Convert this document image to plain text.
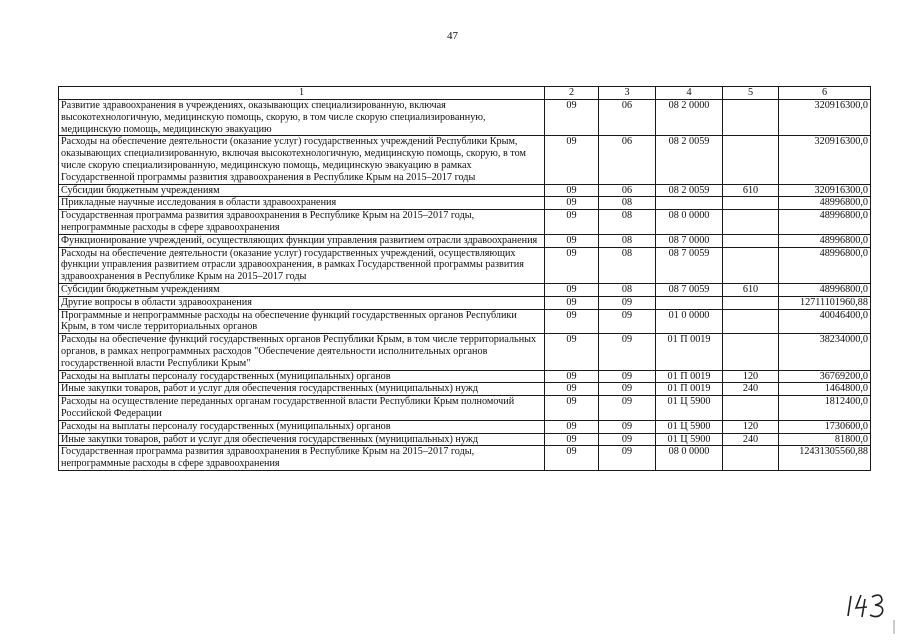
47
1	2	3	4	5	6
Развитие здравоохранения в учреждениях, оказывающих специализированную, включая высокотехнологичную, медицинскую помощь, скорую, в том числе скорую специализированную, медицинскую помощь, медицинскую эвакуацию	09	06	08 2 0000		320916300,0
Расходы на обеспечение деятельности (оказание услуг) государственных учреждений Республики Крым, оказывающих специализированную, включая высокотехнологичную, медицинскую помощь, скорую, в том числе скорую специализированную, медицинскую помощь, медицинскую эвакуацию в рамках Государственной программы развития здравоохранения в Республике Крым на 2015–2017 годы	09	06	08 2 0059		320916300,0
Субсидии бюджетным учреждениям	09	06	08 2 0059	610	320916300,0
Прикладные научные исследования в области здравоохранения	09	08			48996800,0
Государственная программа развития здравоохранения в Республике Крым на 2015–2017 годы, непрограммные расходы в сфере здравоохранения	09	08	08 0 0000		48996800,0
Функционирование учреждений, осуществляющих функции управления развитием отрасли здравоохранения	09	08	08 7 0000		48996800,0
Расходы на обеспечение деятельности (оказание услуг) государственных учреждений, осуществляющих функции управления развитием отрасли здравоохранения, в рамках Государственной программы развития здравоохранения в Республике Крым на 2015–2017 годы	09	08	08 7 0059		48996800,0
Субсидии бюджетным учреждениям	09	08	08 7 0059	610	48996800,0
Другие вопросы в области здравоохранения	09	09			12711101960,88
Программные и непрограммные расходы на обеспечение функций государственных органов Республики Крым, в том числе территориальных органов	09	09	01 0 0000		40046400,0
Расходы на обеспечение функций государственных органов Республики Крым, в том числе территориальных органов, в рамках непрограммных расходов "Обеспечение деятельности исполнительных органов государственной власти Республики Крым"	09	09	01 П 0019		38234000,0
Расходы на выплаты персоналу государственных (муниципальных) органов	09	09	01 П 0019	120	36769200,0
Иные закупки товаров, работ и услуг для обеспечения государственных (муниципальных) нужд	09	09	01 П 0019	240	1464800,0
Расходы на осуществление переданных органам государственной власти Республики Крым полномочий Российской Федерации	09	09	01 Ц 5900		1812400,0
Расходы на выплаты персоналу государственных (муниципальных) органов	09	09	01 Ц 5900	120	1730600,0
Иные закупки товаров, работ и услуг для обеспечения государственных (муниципальных) нужд	09	09	01 Ц 5900	240	81800,0
Государственная программа развития здравоохранения в Республике Крым на 2015–2017 годы, непрограммные расходы в сфере здравоохранения	09	09	08 0 0000		12431305560,88
